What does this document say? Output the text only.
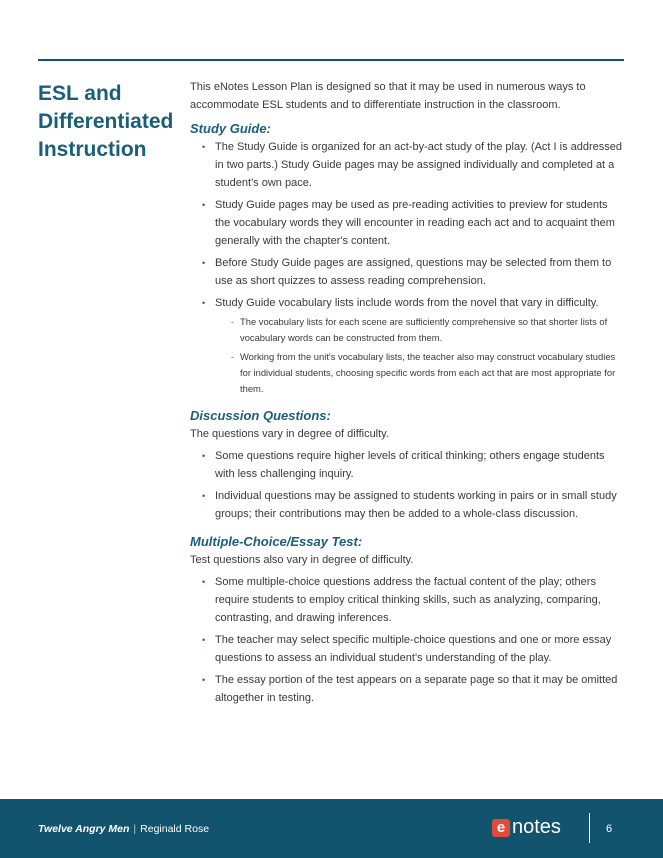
ESL and
Differentiated
Instruction

This eNotes Lesson Plan is designed so that it may be used in numerous ways to accommodate ESL students and to differentiate instruction in the classroom.

Study Guide:

• The Study Guide is organized for an act-by-act study of the play. (Act I is addressed in two parts.) Study Guide pages may be assigned individually and completed at a student's own pace.
• Study Guide pages may be used as pre-reading activities to preview for students the vocabulary words they will encounter in reading each act and to acquaint them generally with the chapter's content.
• Before Study Guide pages are assigned, questions may be selected from them to use as short quizzes to assess reading comprehension.
• Study Guide vocabulary lists include words from the novel that vary in difficulty.
- The vocabulary lists for each scene are sufficiently comprehensive so that shorter lists of vocabulary words can be constructed from them.
- Working from the unit's vocabulary lists, the teacher also may construct vocabulary studies for individual students, choosing specific words from each act that are most appropriate for them.

Discussion Questions:

The questions vary in degree of difficulty.

• Some questions require higher levels of critical thinking; others engage students with less challenging inquiry.
• Individual questions may be assigned to students working in pairs or in small study groups; their contributions may then be added to a whole-class discussion.

Multiple-Choice/Essay Test:

Test questions also vary in degree of difficulty.

• Some multiple-choice questions address the factual content of the play; others require students to employ critical thinking skills, such as analyzing, comparing, contrasting, and drawing inferences.
• The teacher may select specific multiple-choice questions and one or more essay questions to assess an individual student's understanding of the play.
• The essay portion of the test appears on a separate page so that it may be omitted altogether in testing.
Twelve Angry Men | Reginald Rose	e notes	6
